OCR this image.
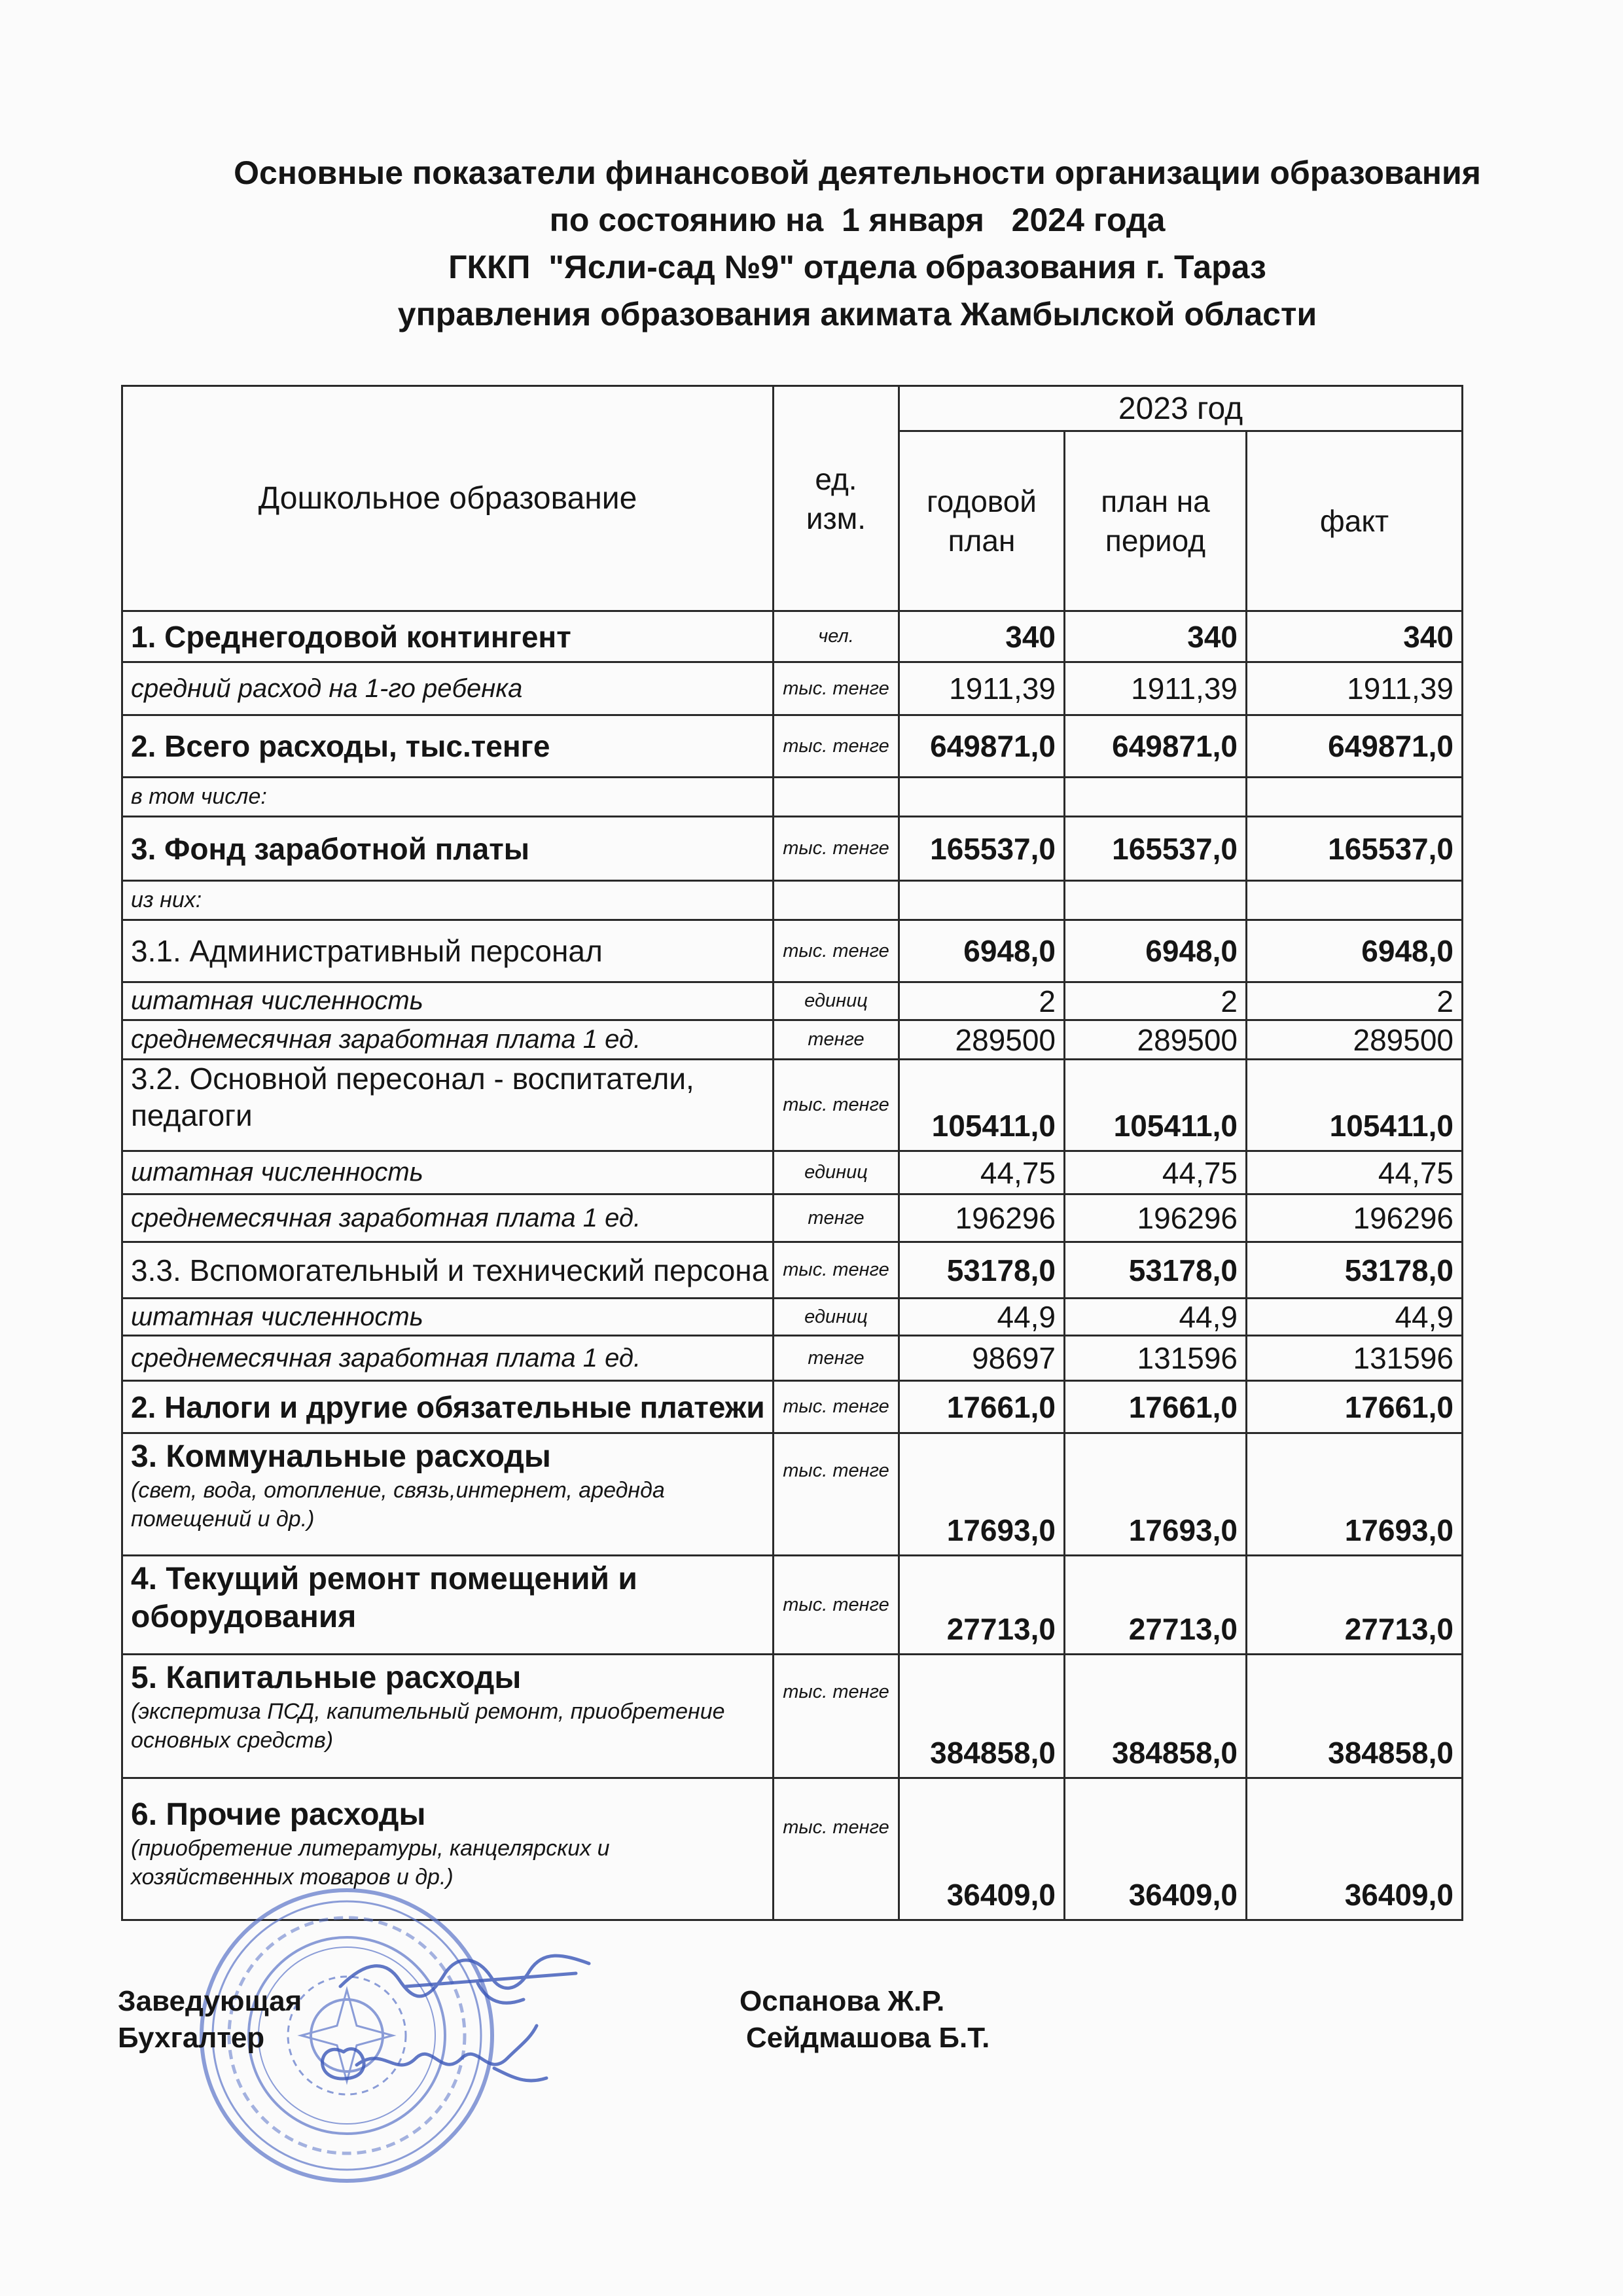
Основные показатели финансовой деятельности организации образования
по состоянию на  1 января   2024 года
ГККП  "Ясли-сад №9" отдела образования г. Тараз
управления образования акимата Жамбылской области
Дошкольное образование	ед. изм.	2023 год		
		годовой план	план на период	факт
1. Среднегодовой контингент	чел.	340	340	340
средний расход на 1-го ребенка	тыс. тенге	1911,39	1911,39	1911,39
2. Всего расходы, тыс.тенге	тыс. тенге	649871,0	649871,0	649871,0
в том числе:				
3. Фонд заработной платы	тыс. тенге	165537,0	165537,0	165537,0
из них:				
3.1. Административный персонал	тыс. тенге	6948,0	6948,0	6948,0
штатная численность	единиц	2	2	2
среднемесячная заработная плата 1 ед.	тенге	289500	289500	289500
3.2. Основной пересонал - воспитатели, педагоги	тыс. тенге	105411,0	105411,0	105411,0
штатная численность	единиц	44,75	44,75	44,75
среднемесячная заработная плата 1 ед.	тенге	196296	196296	196296
3.3. Вспомогательный и технический персона	тыс. тенге	53178,0	53178,0	53178,0
штатная численность	единиц	44,9	44,9	44,9
среднемесячная заработная плата 1 ед.	тенге	98697	131596	131596
2. Налоги и другие обязательные платежи	тыс. тенге	17661,0	17661,0	17661,0

3. Коммунальные расходы
(свет, вода, отопление, связь,интернет, ареднда помещений и др.)	тыс. тенге	17693,0	17693,0	17693,0

4. Текущий ремонт помещений и оборудования	тыс. тенге	27713,0	27713,0	27713,0

5. Капитальные расходы
(экспертиза ПСД, капительный ремонт, приобретение основных средств)	тыс. тенге	384858,0	384858,0	384858,0

6. Прочие расходы
(приобретение литературы, канцелярских и хозяйственных товаров и др.)	тыс. тенге	36409,0	36409,0	36409,0
Заведующая
Бухгалтер
Оспанова Ж.Р.
Сейдмашова Б.Т.
